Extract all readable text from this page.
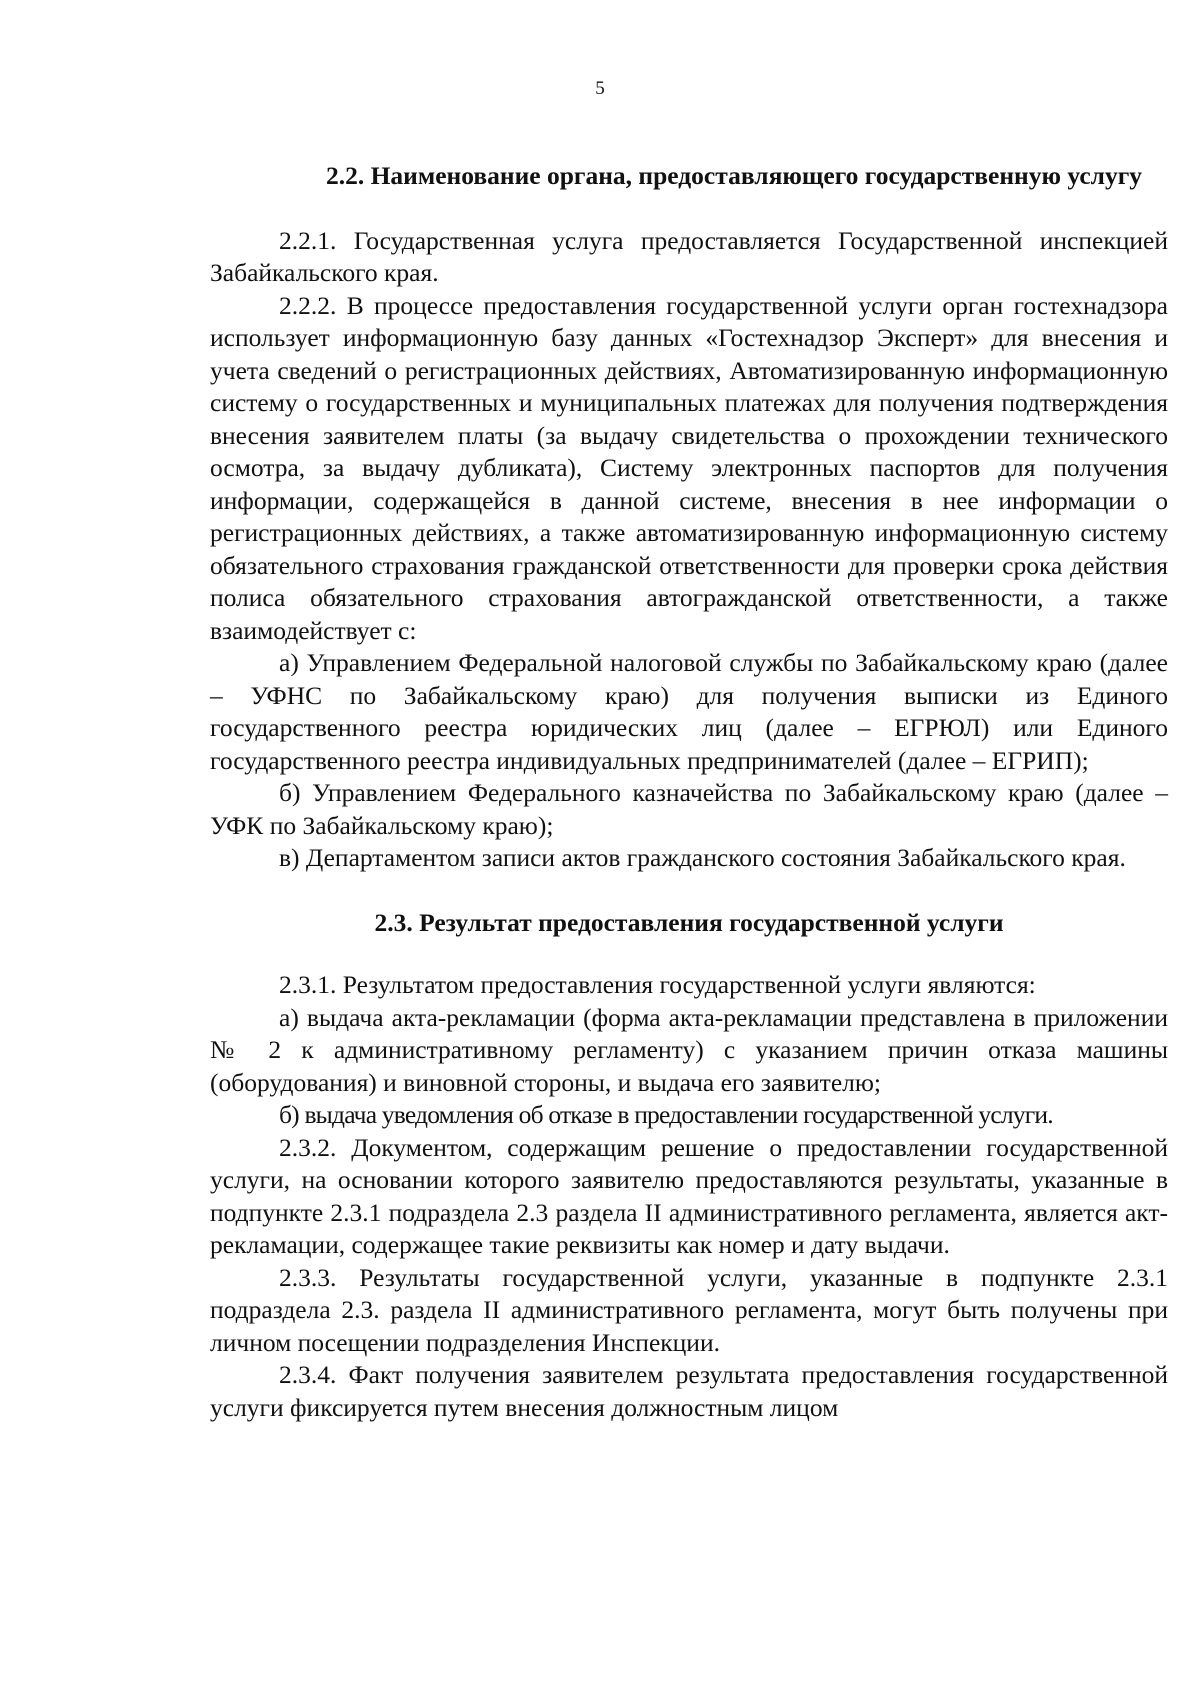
5
2.2. Наименование органа, предоставляющего государственную услугу
2.2.1. Государственная услуга предоставляется Государственной инспекцией Забайкальского края.
2.2.2. В процессе предоставления государственной услуги орган гостехнадзора использует информационную базу данных «Гостехнадзор Эксперт» для внесения и учета сведений о регистрационных действиях, Автоматизированную информационную систему о государственных и муниципальных платежах для получения подтверждения внесения заявителем платы (за выдачу свидетельства о прохождении технического осмотра, за выдачу дубликата), Систему электронных паспортов для получения информации, содержащейся в данной системе, внесения в нее информации о регистрационных действиях, а также автоматизированную информационную систему обязательного страхования гражданской ответственности для проверки срока действия полиса обязательного страхования автогражданской ответственности, а также взаимодействует с:
а) Управлением Федеральной налоговой службы по Забайкальскому краю (далее – УФНС по Забайкальскому краю) для получения выписки из Единого государственного реестра юридических лиц (далее – ЕГРЮЛ) или Единого государственного реестра индивидуальных предпринимателей (далее – ЕГРИП);
б) Управлением Федерального казначейства по Забайкальскому краю (далее – УФК по Забайкальскому краю);
в) Департаментом записи актов гражданского состояния Забайкальского края.
2.3. Результат предоставления государственной услуги
2.3.1. Результатом предоставления государственной услуги являются:
а) выдача акта-рекламации (форма акта-рекламации представлена в приложении № 2 к административному регламенту) с указанием причин отказа машины (оборудования) и виновной стороны, и выдача его заявителю;
б) выдача уведомления об отказе в предоставлении государственной услуги.
2.3.2. Документом, содержащим решение о предоставлении государственной услуги, на основании которого заявителю предоставляются результаты, указанные в подпункте 2.3.1 подраздела 2.3 раздела II административного регламента, является акт-рекламации, содержащее такие реквизиты как номер и дату выдачи.
2.3.3. Результаты государственной услуги, указанные в подпункте 2.3.1 подраздела 2.3. раздела II административного регламента, могут быть получены при личном посещении подразделения Инспекции.
2.3.4. Факт получения заявителем результата предоставления государственной услуги фиксируется путем внесения должностным лицом
